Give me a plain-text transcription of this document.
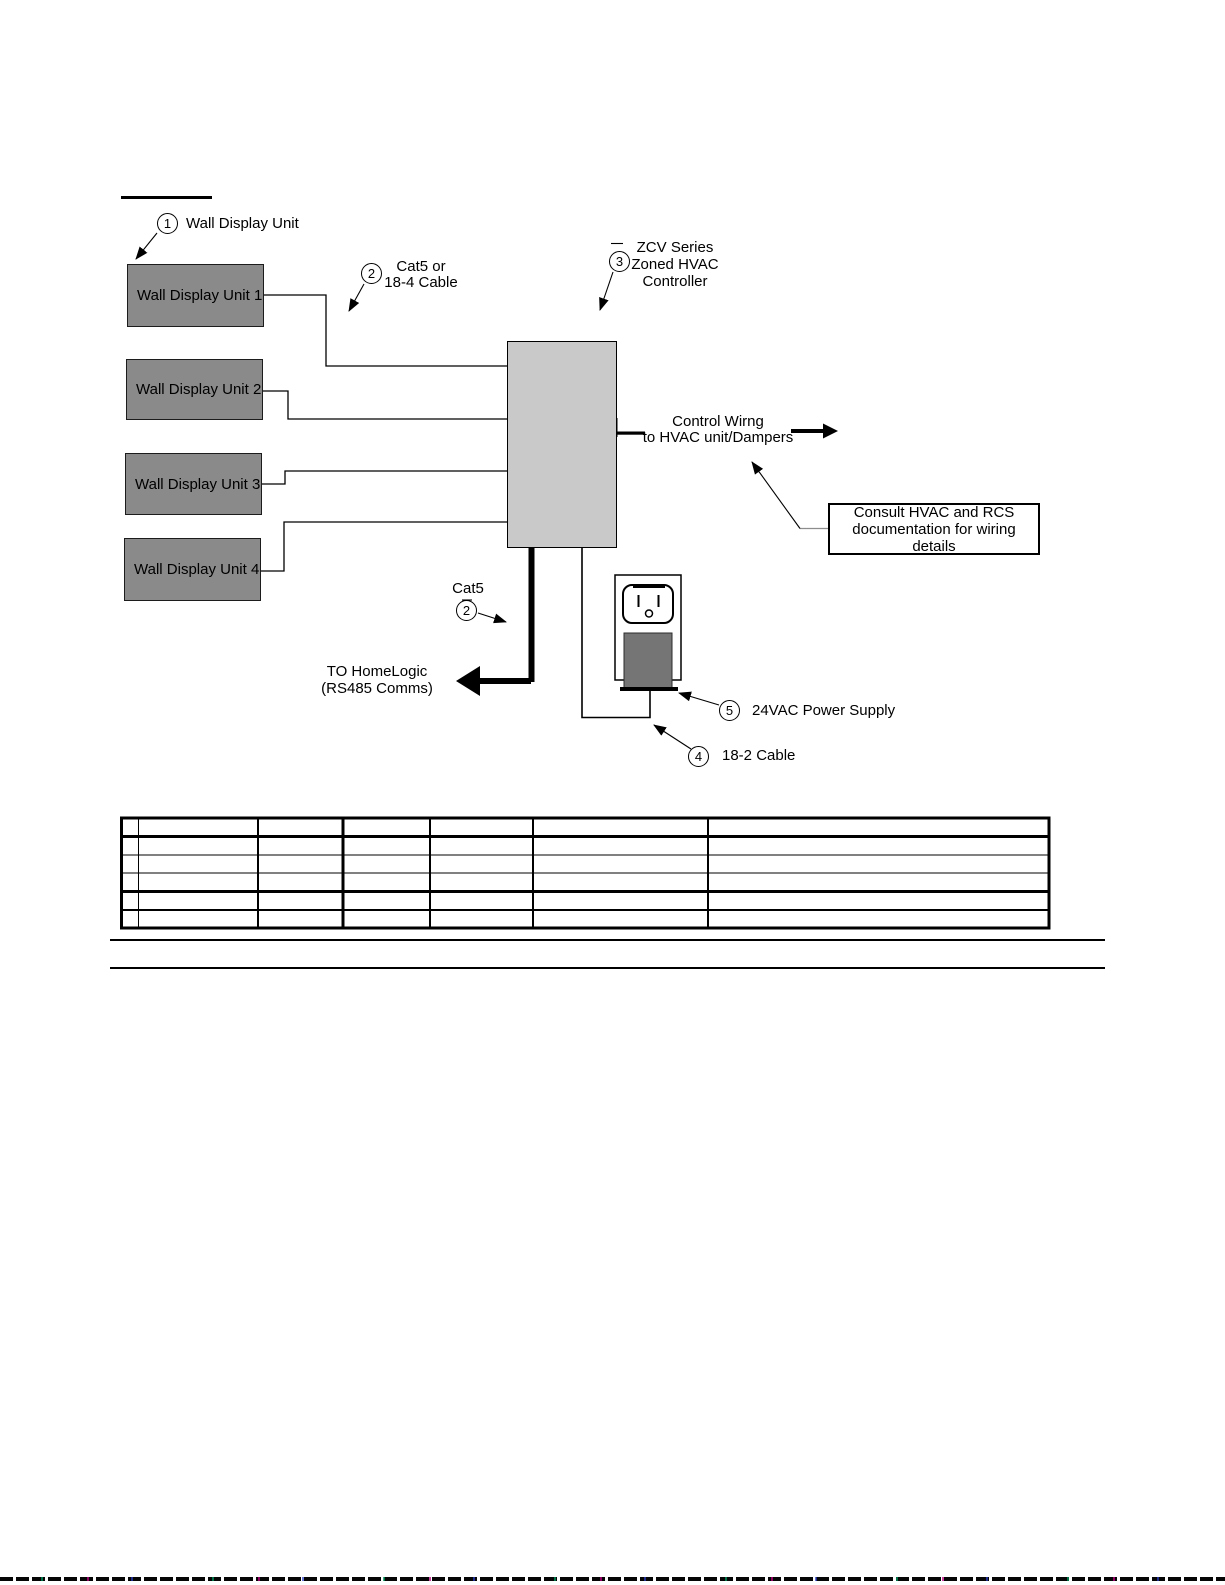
Wall Display Unit 1
Wall Display Unit 2
Wall Display Unit 3
Wall Display Unit 4
Consult HVAC and RCS
documentation for wiring details
1
2
3
2
5
4
Wall Display Unit
Cat5 or
18-4 Cable
ZCV Series
Zoned HVAC
Controller
Control Wirng
to HVAC unit/Dampers
Cat5
TO HomeLogic
(RS485 Comms)
24VAC Power Supply
18-2 Cable
